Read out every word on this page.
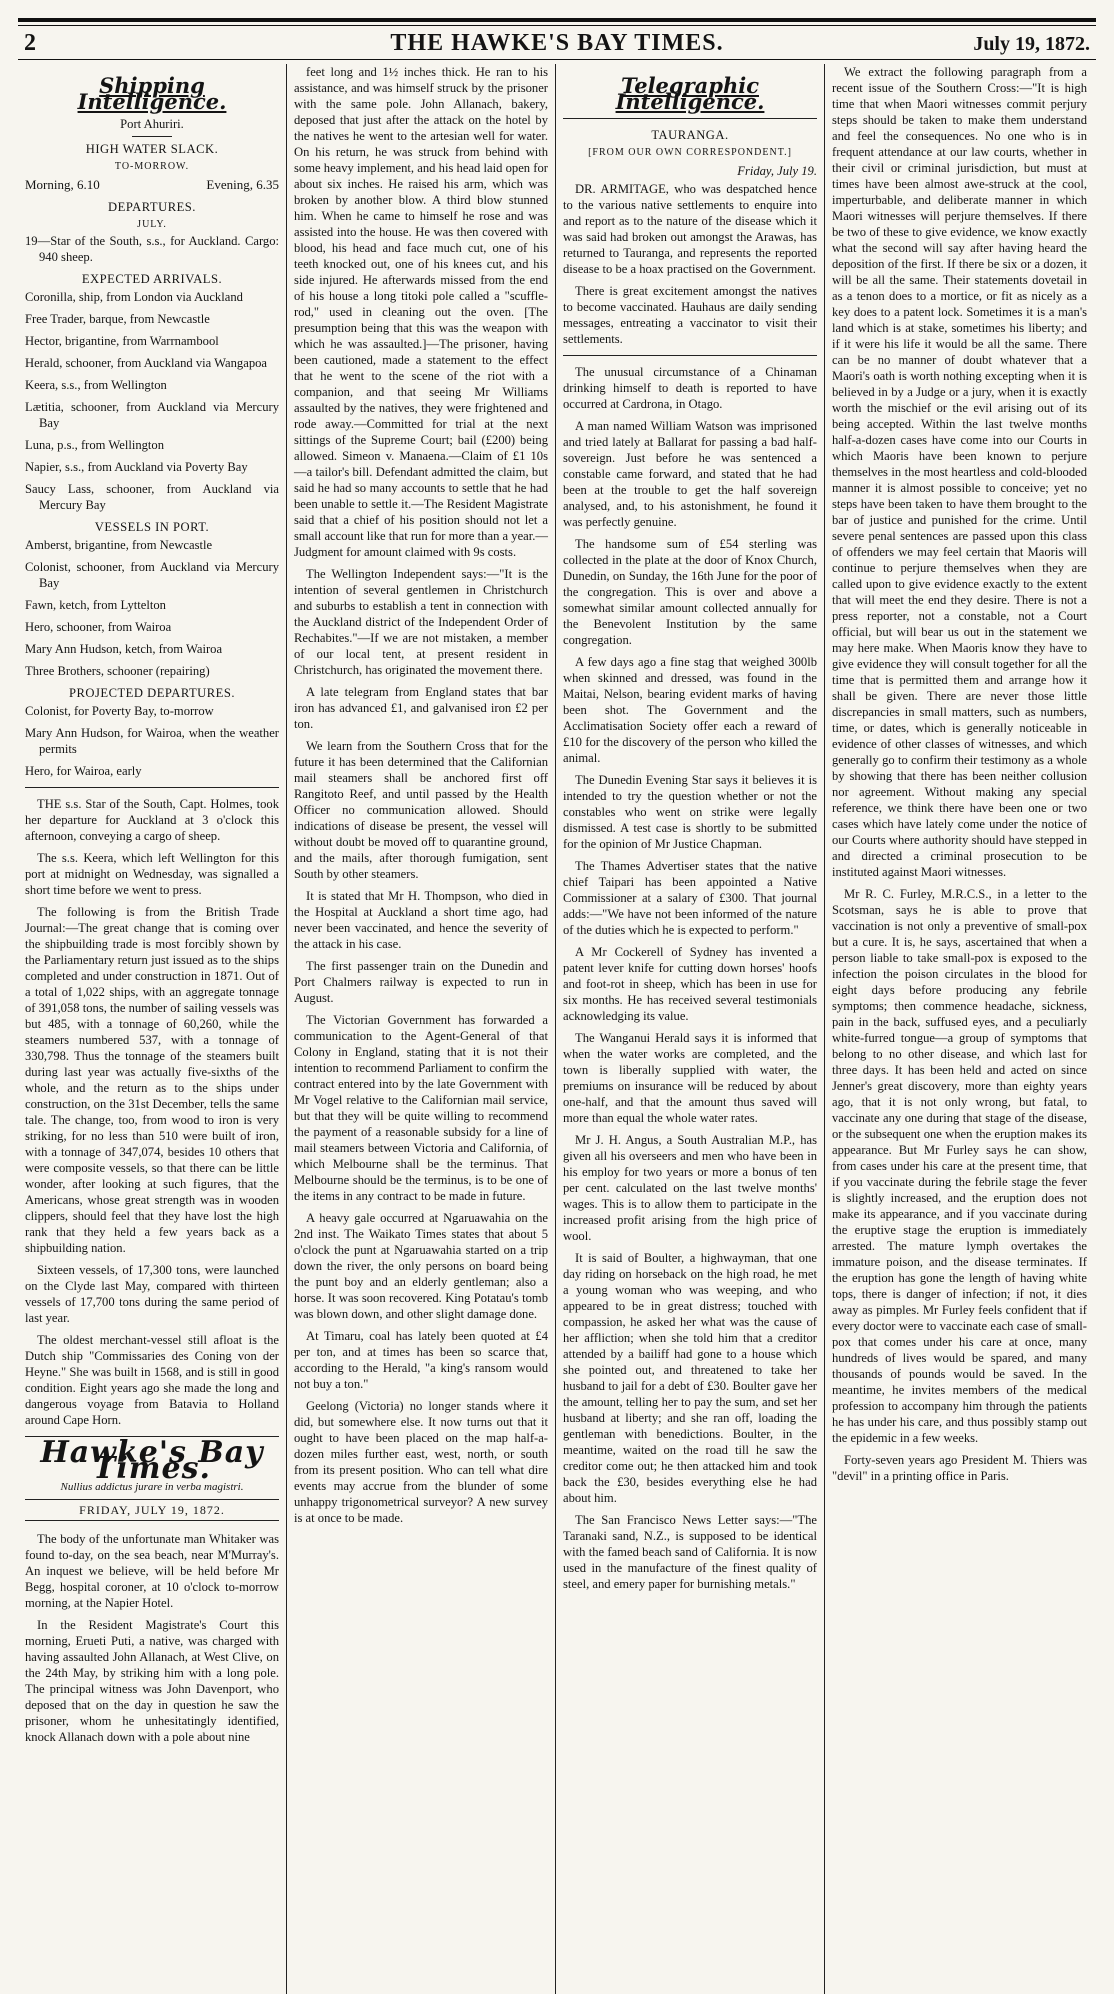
2	THE HAWKE'S BAY TIMES.	July 19, 1872.
Shipping Intelligence.
Port Ahuriri.
HIGH WATER SLACK.
TO-MORROW.
Morning, 6.10	Evening, 6.35
DEPARTURES.
JULY.

19—Star of the South, s.s., for Auckland. Cargo: 940 sheep.

EXPECTED ARRIVALS.

Coronilla, ship, from London via Auckland

Free Trader, barque, from Newcastle

Hector, brigantine, from Warrnambool

Herald, schooner, from Auckland via Wangapoa

Keera, s.s., from Wellington

Lætitia, schooner, from Auckland via Mercury Bay

Luna, p.s., from Wellington

Napier, s.s., from Auckland via Poverty Bay

Saucy Lass, schooner, from Auckland via Mercury Bay

VESSELS IN PORT.

Amberst, brigantine, from Newcastle

Colonist, schooner, from Auckland via Mercury Bay

Fawn, ketch, from Lyttelton

Hero, schooner, from Wairoa

Mary Ann Hudson, ketch, from Wairoa

Three Brothers, schooner (repairing)

PROJECTED DEPARTURES.

Colonist, for Poverty Bay, to-morrow

Mary Ann Hudson, for Wairoa, when the weather permits

Hero, for Wairoa, early

THE s.s. Star of the South, Capt. Holmes, took her departure for Auckland at 3 o'clock this afternoon, conveying a cargo of sheep.

The s.s. Keera, which left Wellington for this port at midnight on Wednesday, was signalled a short time before we went to press.

The following is from the British Trade Journal:—The great change that is coming over the shipbuilding trade is most forcibly shown by the Parliamentary return just issued as to the ships completed and under construction in 1871. Out of a total of 1,022 ships, with an aggregate tonnage of 391,058 tons, the number of sailing vessels was but 485, with a tonnage of 60,260, while the steamers numbered 537, with a tonnage of 330,798. Thus the tonnage of the steamers built during last year was actually five-sixths of the whole, and the return as to the ships under construction, on the 31st December, tells the same tale. The change, too, from wood to iron is very striking, for no less than 510 were built of iron, with a tonnage of 347,074, besides 10 others that were composite vessels, so that there can be little wonder, after looking at such figures, that the Americans, whose great strength was in wooden clippers, should feel that they have lost the high rank that they held a few years back as a shipbuilding nation.

Sixteen vessels, of 17,300 tons, were launched on the Clyde last May, compared with thirteen vessels of 17,700 tons during the same period of last year.

The oldest merchant-vessel still afloat is the Dutch ship "Commissaries des Coning von der Heyne." She was built in 1568, and is still in good condition. Eight years ago she made the long and dangerous voyage from Batavia to Holland around Cape Horn.

Hawke's Bay Times.
Nullius addictus jurare in verba magistri.
FRIDAY, JULY 19, 1872.

The body of the unfortunate man Whitaker was found to-day, on the sea beach, near M'Murray's. An inquest we believe, will be held before Mr Begg, hospital coroner, at 10 o'clock to-morrow morning, at the Napier Hotel.

In the Resident Magistrate's Court this morning, Erueti Puti, a native, was charged with having assaulted John Allanach, at West Clive, on the 24th May, by striking him with a long pole. The principal witness was John Davenport, who deposed that on the day in question he saw the prisoner, whom he unhesitatingly identified, knock Allanach down with a pole about nine

feet long and 1½ inches thick. He ran to his assistance, and was himself struck by the prisoner with the same pole. John Allanach, bakery, deposed that just after the attack on the hotel by the natives he went to the artesian well for water. On his return, he was struck from behind with some heavy implement, and his head laid open for about six inches. He raised his arm, which was broken by another blow. A third blow stunned him. When he came to himself he rose and was assisted into the house. He was then covered with blood, his head and face much cut, one of his teeth knocked out, one of his knees cut, and his side injured. He afterwards missed from the end of his house a long titoki pole called a "scuffle-rod," used in cleaning out the oven. [The presumption being that this was the weapon with which he was assaulted.]—The prisoner, having been cautioned, made a statement to the effect that he went to the scene of the riot with a companion, and that seeing Mr Williams assaulted by the natives, they were frightened and rode away.—Committed for trial at the next sittings of the Supreme Court; bail (£200) being allowed. Simeon v. Manaena.—Claim of £1 10s—a tailor's bill. Defendant admitted the claim, but said he had so many accounts to settle that he had been unable to settle it.—The Resident Magistrate said that a chief of his position should not let a small account like that run for more than a year.—Judgment for amount claimed with 9s costs.

The Wellington Independent says:—"It is the intention of several gentlemen in Christchurch and suburbs to establish a tent in connection with the Auckland district of the Independent Order of Rechabites."—If we are not mistaken, a member of our local tent, at present resident in Christchurch, has originated the movement there.

A late telegram from England states that bar iron has advanced £1, and galvanised iron £2 per ton.

We learn from the Southern Cross that for the future it has been determined that the Californian mail steamers shall be anchored first off Rangitoto Reef, and until passed by the Health Officer no communication allowed. Should indications of disease be present, the vessel will without doubt be moved off to quarantine ground, and the mails, after thorough fumigation, sent South by other steamers.

It is stated that Mr H. Thompson, who died in the Hospital at Auckland a short time ago, had never been vaccinated, and hence the severity of the attack in his case.

The first passenger train on the Dunedin and Port Chalmers railway is expected to run in August.

The Victorian Government has forwarded a communication to the Agent-General of that Colony in England, stating that it is not their intention to recommend Parliament to confirm the contract entered into by the late Government with Mr Vogel relative to the Californian mail service, but that they will be quite willing to recommend the payment of a reasonable subsidy for a line of mail steamers between Victoria and California, of which Melbourne shall be the terminus. That Melbourne should be the terminus, is to be one of the items in any contract to be made in future.

A heavy gale occurred at Ngaruawahia on the 2nd inst. The Waikato Times states that about 5 o'clock the punt at Ngaruawahia started on a trip down the river, the only persons on board being the punt boy and an elderly gentleman; also a horse. It was soon recovered. King Potatau's tomb was blown down, and other slight damage done.

At Timaru, coal has lately been quoted at £4 per ton, and at times has been so scarce that, according to the Herald, "a king's ransom would not buy a ton."

Geelong (Victoria) no longer stands where it did, but somewhere else. It now turns out that it ought to have been placed on the map half-a-dozen miles further east, west, north, or south from its present position. Who can tell what dire events may accrue from the blunder of some unhappy trigonometrical surveyor? A new survey is at once to be made.

Telegraphic Intelligence.
TAURANGA.
[FROM OUR OWN CORRESPONDENT.]
Friday, July 19.

DR. ARMITAGE, who was despatched hence to the various native settlements to enquire into and report as to the nature of the disease which it was said had broken out amongst the Arawas, has returned to Tauranga, and represents the reported disease to be a hoax practised on the Government.

There is great excitement amongst the natives to become vaccinated. Hauhaus are daily sending messages, entreating a vaccinator to visit their settlements.

The unusual circumstance of a Chinaman drinking himself to death is reported to have occurred at Cardrona, in Otago.

A man named William Watson was imprisoned and tried lately at Ballarat for passing a bad half-sovereign. Just before he was sentenced a constable came forward, and stated that he had been at the trouble to get the half sovereign analysed, and, to his astonishment, he found it was perfectly genuine.

The handsome sum of £54 sterling was collected in the plate at the door of Knox Church, Dunedin, on Sunday, the 16th June for the poor of the congregation. This is over and above a somewhat similar amount collected annually for the Benevolent Institution by the same congregation.

A few days ago a fine stag that weighed 300lb when skinned and dressed, was found in the Maitai, Nelson, bearing evident marks of having been shot. The Government and the Acclimatisation Society offer each a reward of £10 for the discovery of the person who killed the animal.

The Dunedin Evening Star says it believes it is intended to try the question whether or not the constables who went on strike were legally dismissed. A test case is shortly to be submitted for the opinion of Mr Justice Chapman.

The Thames Advertiser states that the native chief Taipari has been appointed a Native Commissioner at a salary of £300. That journal adds:—"We have not been informed of the nature of the duties which he is expected to perform."

A Mr Cockerell of Sydney has invented a patent lever knife for cutting down horses' hoofs and foot-rot in sheep, which has been in use for six months. He has received several testimonials acknowledging its value.

The Wanganui Herald says it is informed that when the water works are completed, and the town is liberally supplied with water, the premiums on insurance will be reduced by about one-half, and that the amount thus saved will more than equal the whole water rates.

Mr J. H. Angus, a South Australian M.P., has given all his overseers and men who have been in his employ for two years or more a bonus of ten per cent. calculated on the last twelve months' wages. This is to allow them to participate in the increased profit arising from the high price of wool.

It is said of Boulter, a highwayman, that one day riding on horseback on the high road, he met a young woman who was weeping, and who appeared to be in great distress; touched with compassion, he asked her what was the cause of her affliction; when she told him that a creditor attended by a bailiff had gone to a house which she pointed out, and threatened to take her husband to jail for a debt of £30. Boulter gave her the amount, telling her to pay the sum, and set her husband at liberty; and she ran off, loading the gentleman with benedictions. Boulter, in the meantime, waited on the road till he saw the creditor come out; he then attacked him and took back the £30, besides everything else he had about him.

The San Francisco News Letter says:—"The Taranaki sand, N.Z., is supposed to be identical with the famed beach sand of California. It is now used in the manufacture of the finest quality of steel, and emery paper for burnishing metals."

We extract the following paragraph from a recent issue of the Southern Cross:—"It is high time that when Maori witnesses commit perjury steps should be taken to make them understand and feel the consequences. No one who is in frequent attendance at our law courts, whether in their civil or criminal jurisdiction, but must at times have been almost awe-struck at the cool, imperturbable, and deliberate manner in which Maori witnesses will perjure themselves. If there be two of these to give evidence, we know exactly what the second will say after having heard the deposition of the first. If there be six or a dozen, it will be all the same. Their statements dovetail in as a tenon does to a mortice, or fit as nicely as a key does to a patent lock. Sometimes it is a man's land which is at stake, sometimes his liberty; and if it were his life it would be all the same. There can be no manner of doubt whatever that a Maori's oath is worth nothing excepting when it is believed in by a Judge or a jury, when it is exactly worth the mischief or the evil arising out of its being accepted. Within the last twelve months half-a-dozen cases have come into our Courts in which Maoris have been known to perjure themselves in the most heartless and cold-blooded manner it is almost possible to conceive; yet no steps have been taken to have them brought to the bar of justice and punished for the crime. Until severe penal sentences are passed upon this class of offenders we may feel certain that Maoris will continue to perjure themselves when they are called upon to give evidence exactly to the extent that will meet the end they desire. There is not a press reporter, not a constable, not a Court official, but will bear us out in the statement we may here make. When Maoris know they have to give evidence they will consult together for all the time that is permitted them and arrange how it shall be given. There are never those little discrepancies in small matters, such as numbers, time, or dates, which is generally noticeable in evidence of other classes of witnesses, and which generally go to confirm their testimony as a whole by showing that there has been neither collusion nor agreement. Without making any special reference, we think there have been one or two cases which have lately come under the notice of our Courts where authority should have stepped in and directed a criminal prosecution to be instituted against Maori witnesses.

Mr R. C. Furley, M.R.C.S., in a letter to the Scotsman, says he is able to prove that vaccination is not only a preventive of small-pox but a cure. It is, he says, ascertained that when a person liable to take small-pox is exposed to the infection the poison circulates in the blood for eight days before producing any febrile symptoms; then commence headache, sickness, pain in the back, suffused eyes, and a peculiarly white-furred tongue—a group of symptoms that belong to no other disease, and which last for three days. It has been held and acted on since Jenner's great discovery, more than eighty years ago, that it is not only wrong, but fatal, to vaccinate any one during that stage of the disease, or the subsequent one when the eruption makes its appearance. But Mr Furley says he can show, from cases under his care at the present time, that if you vaccinate during the febrile stage the fever is slightly increased, and the eruption does not make its appearance, and if you vaccinate during the eruptive stage the eruption is immediately arrested. The mature lymph overtakes the immature poison, and the disease terminates. If the eruption has gone the length of having white tops, there is danger of infection; if not, it dies away as pimples. Mr Furley feels confident that if every doctor were to vaccinate each case of small-pox that comes under his care at once, many hundreds of lives would be spared, and many thousands of pounds would be saved. In the meantime, he invites members of the medical profession to accompany him through the patients he has under his care, and thus possibly stamp out the epidemic in a few weeks.

Forty-seven years ago President M. Thiers was "devil" in a printing office in Paris.
